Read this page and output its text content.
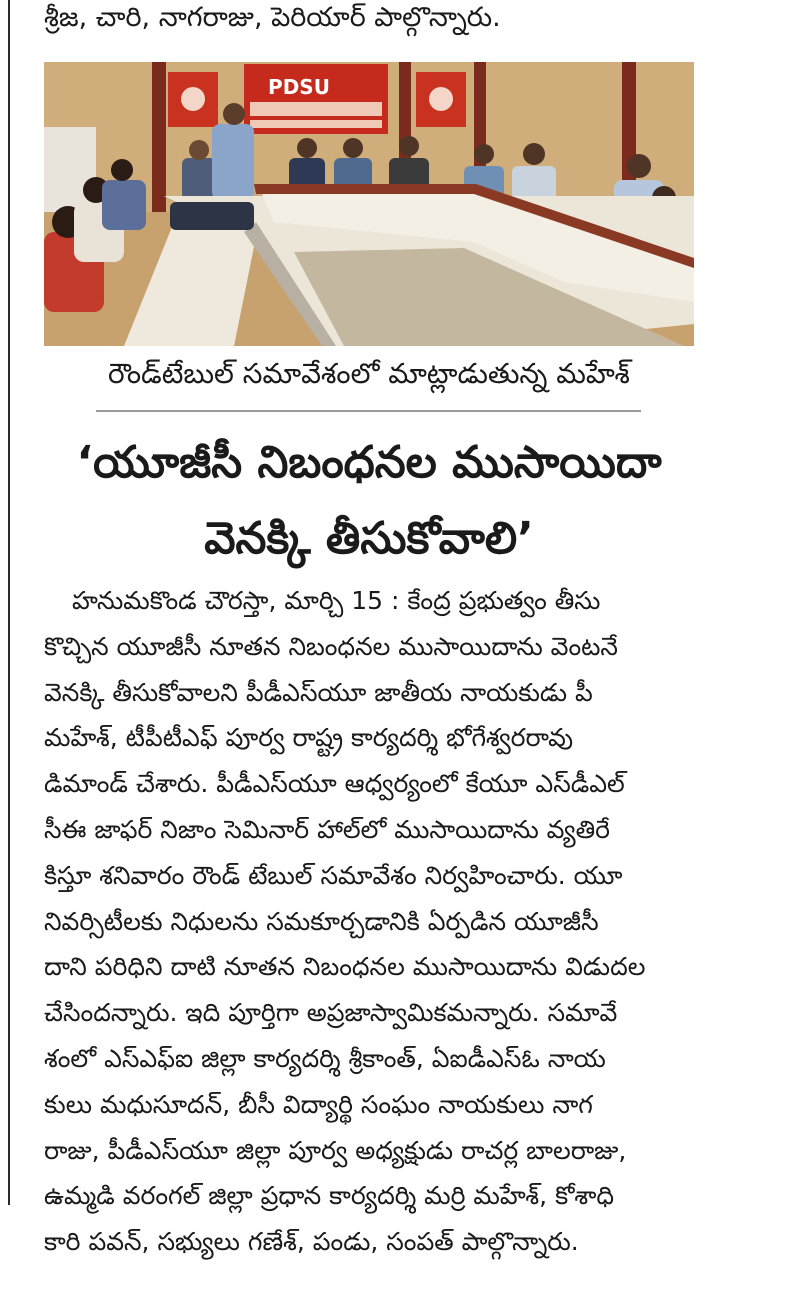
శ్రీజ, చారి, నాగరాజు, పెరియార్ పాల్గొన్నారు.
PDSU
రౌండ్‌టేబుల్ సమావేశంలో మాట్లాడుతున్న మహేశ్
‘యూజీసీ నిబంధనల ముసాయిదా
వెనక్కి తీసుకోవాలి’
హనుమకొండ చౌరస్తా, మార్చి 15 : కేంద్ర ప్రభుత్వం తీసు
కొచ్చిన యూజీసీ నూతన నిబంధనల ముసాయిదాను వెంటనే
వెనక్కి తీసుకోవాలని పీడీఎస్‌యూ జాతీయ నాయకుడు పీ
మహేశ్, టీపీటీఎఫ్ పూర్వ రాష్ట్ర కార్యదర్శి భోగేశ్వరరావు
డిమాండ్ చేశారు. పీడీఎస్‌యూ ఆధ్వర్యంలో కేయూ ఎస్‌డీఎల్
సీఈ జాఫర్ నిజాం సెమినార్ హాల్‌లో ముసాయిదాను వ్యతిరే
కిస్తూ శనివారం రౌండ్ టేబుల్ సమావేశం నిర్వహించారు. యూ
నివర్సిటీలకు నిధులను సమకూర్చడానికి ఏర్పడిన యూజీసీ
దాని పరిధిని దాటి నూతన నిబంధనల ముసాయిదాను విడుదల
చేసిందన్నారు. ఇది పూర్తిగా అప్రజాస్వామికమన్నారు. సమావే
శంలో ఎస్‌ఎఫ్ఐ జిల్లా కార్యదర్శి శ్రీకాంత్, ఏఐడీఎస్‌ఓ నాయ
కులు మధుసూదన్, బీసీ విద్యార్థి సంఘం నాయకులు నాగ
రాజు, పీడీఎస్‌యూ జిల్లా పూర్వ అధ్యక్షుడు రాచర్ల బాలరాజు,
ఉమ్మడి వరంగల్ జిల్లా ప్రధాన కార్యదర్శి మర్రి మహేశ్, కోశాధి
కారి పవన్, సభ్యులు గణేశ్, పండు, సంపత్ పాల్గొన్నారు.
